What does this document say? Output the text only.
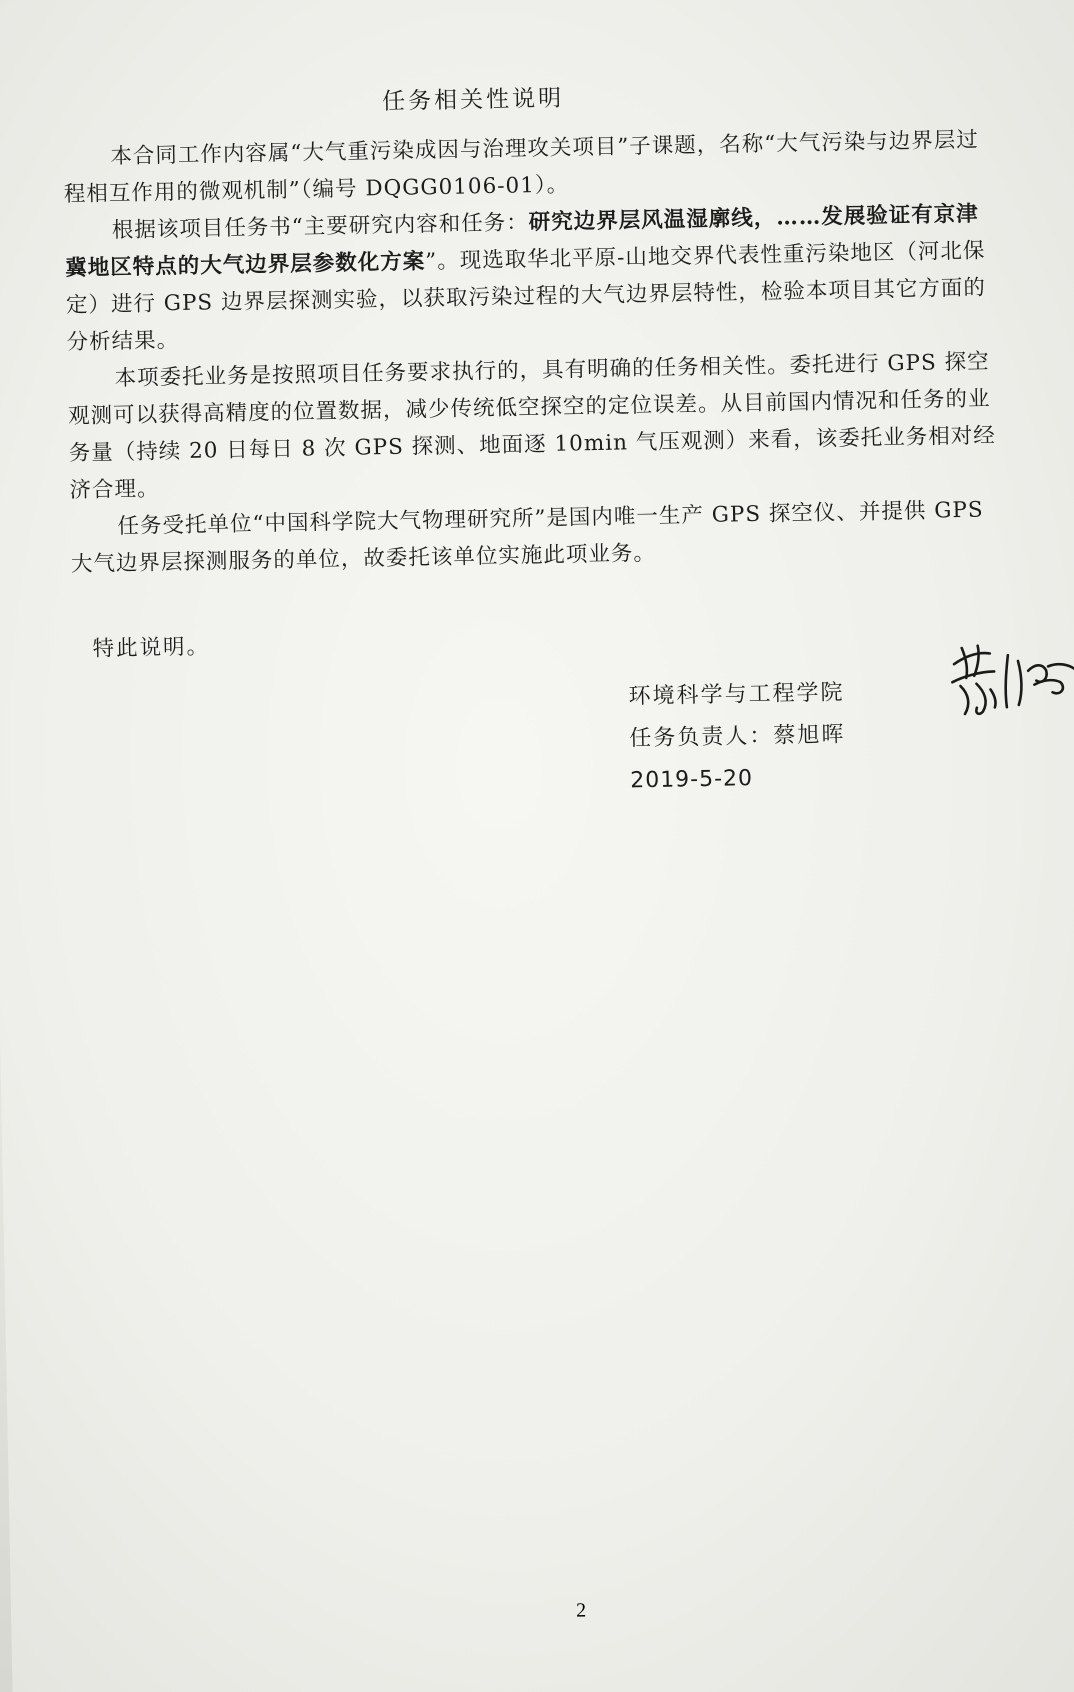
任务相关性说明

本合同工作内容属“大气重污染成因与治理攻关项目”子课题，名称“大气污染与边界层过程相互作用的微观机制”（编号 DQGG0106-01）。

根据该项目任务书“主要研究内容和任务：研究边界层风温湿廓线，……发展验证有京津冀地区特点的大气边界层参数化方案”。现选取华北平原-山地交界代表性重污染地区（河北保定）进行 GPS 边界层探测实验，以获取污染过程的大气边界层特性，检验本项目其它方面的分析结果。

本项委托业务是按照项目任务要求执行的，具有明确的任务相关性。委托进行 GPS 探空观测可以获得高精度的位置数据，减少传统低空探空的定位误差。从目前国内情况和任务的业务量（持续 20 日每日 8 次 GPS 探测、地面逐 10min 气压观测）来看，该委托业务相对经济合理。

任务受托单位“中国科学院大气物理研究所”是国内唯一生产 GPS 探空仪、并提供 GPS 大气边界层探测服务的单位，故委托该单位实施此项业务。

特此说明。
环境科学与工程学院
任务负责人：蔡旭晖
2019-5-20
2
